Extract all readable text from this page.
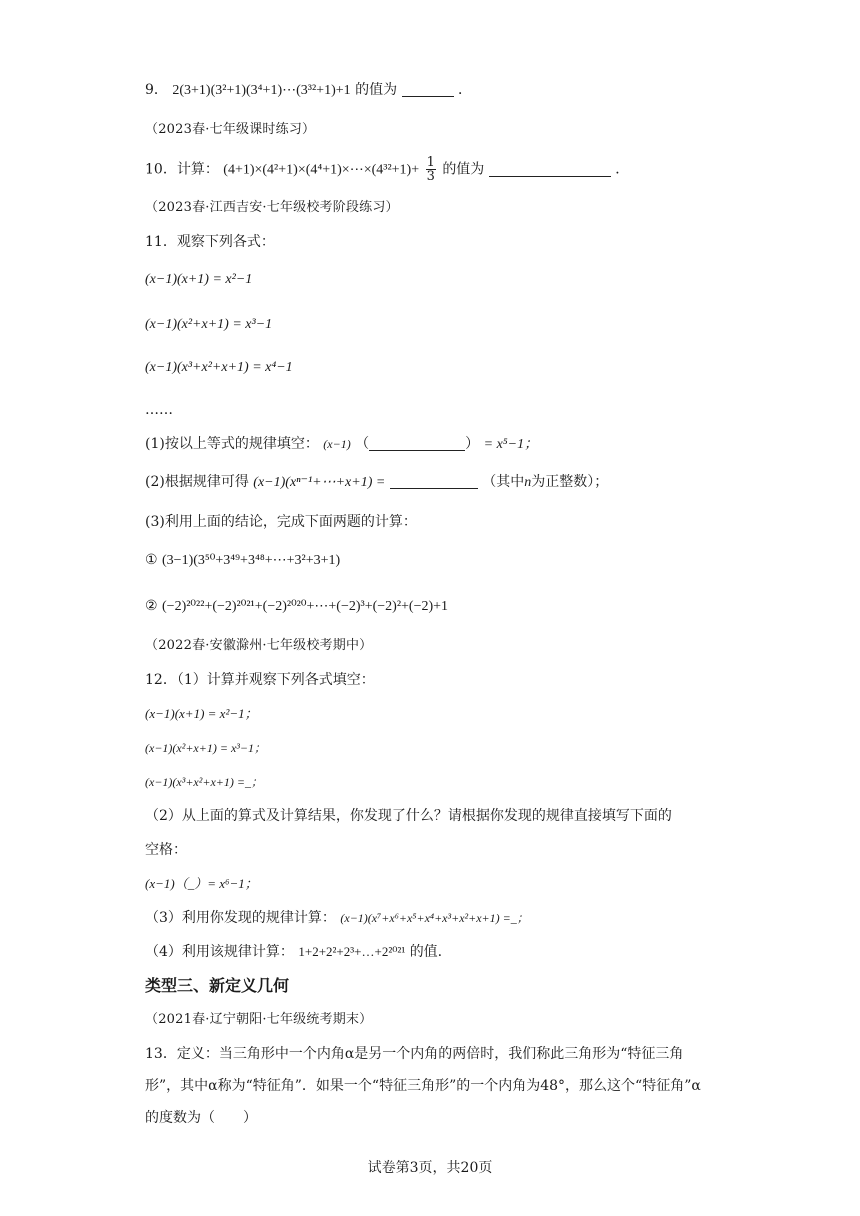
9． 2(3+1)(3²+1)(3⁴+1)⋯(3³²+1)+1 的值为	．
（2023春·七年级课时练习）
10．计算： (4+1)×(4²+1)×(4⁴+1)×⋯×(4³²+1)+ $\frac{1}{3}$ 的值为	．
（2023春·江西吉安·七年级校考阶段练习）
11．观察下列各式：
(x−1)(x+1) = x²−1
(x−1)(x²+x+1) = x³−1
(x−1)(x³+x²+x+1) = x⁴−1
……
(1)按以上等式的规律填空： (x−1) （	） = x⁵−1；
(2)根据规律可得 (x−1)(xⁿ⁻¹+⋯+x+1) =	（其中n为正整数）；
(3)利用上面的结论，完成下面两题的计算：
① (3−1)(3⁵⁰+3⁴⁹+3⁴⁸+⋯+3²+3+1)
② (−2)²⁰²²+(−2)²⁰²¹+(−2)²⁰²⁰+⋯+(−2)³+(−2)²+(−2)+1
（2022春·安徽滁州·七年级校考期中）
12．（1）计算并观察下列各式填空：
(x−1)(x+1) = x²−1；
(x−1)(x²+x+1) = x³−1；
(x−1)(x³+x²+x+1) =_；
（2）从上面的算式及计算结果，你发现了什么？请根据你发现的规律直接填写下面的
空格：
(x−1)（_）= x⁶−1；
（3）利用你发现的规律计算： (x−1)(x⁷+x⁶+x⁵+x⁴+x³+x²+x+1) =_；
（4）利用该规律计算： 1+2+2²+2³+…+2²⁰²¹ 的值.
类型三、新定义几何
（2021春·辽宁朝阳·七年级统考期末）
13．定义：当三角形中一个内角α是另一个内角的两倍时，我们称此三角形为“特征三角
形”，其中α称为“特征角”．如果一个“特征三角形”的一个内角为48°，那么这个“特征角”α
的度数为（　　）
试卷第3页，共20页
